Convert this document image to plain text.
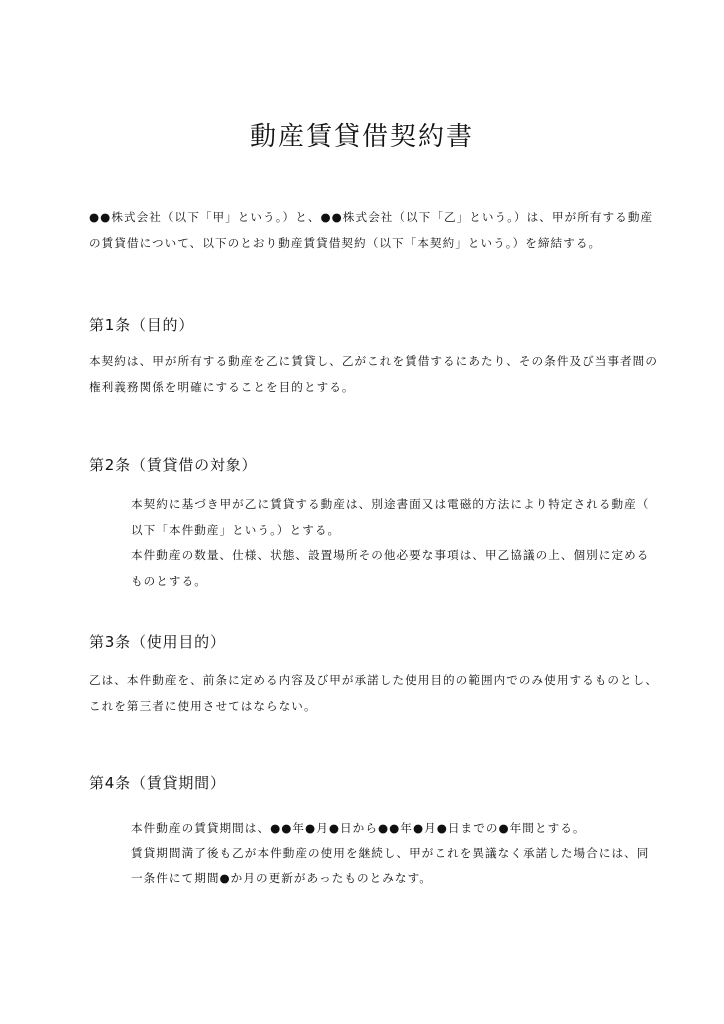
動産賃貸借契約書

●●株式会社（以下「甲」という。）と、●●株式会社（以下「乙」という。）は、甲が所有する動産

の賃貸借について、以下のとおり動産賃貸借契約（以下「本契約」という。）を締結する。

第1条（目的）

本契約は、甲が所有する動産を乙に賃貸し、乙がこれを賃借するにあたり、その条件及び当事者間の

権利義務関係を明確にすることを目的とする。

第2条（賃貸借の対象）

本契約に基づき甲が乙に賃貸する動産は、別途書面又は電磁的方法により特定される動産（

以下「本件動産」という。）とする。

本件動産の数量、仕様、状態、設置場所その他必要な事項は、甲乙協議の上、個別に定める

ものとする。

第3条（使用目的）

乙は、本件動産を、前条に定める内容及び甲が承諾した使用目的の範囲内でのみ使用するものとし、

これを第三者に使用させてはならない。

第4条（賃貸期間）

本件動産の賃貸期間は、●●年●月●日から●●年●月●日までの●年間とする。

賃貸期間満了後も乙が本件動産の使用を継続し、甲がこれを異議なく承諾した場合には、同

一条件にて期間●か月の更新があったものとみなす。
